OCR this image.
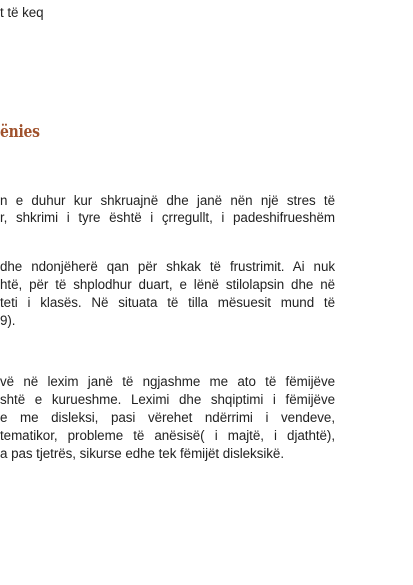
t të keq
ënies
n e duhur kur shkruajnë dhe janë nën një stres të
r, shkrimi i tyre është i çrregullt, i padeshifrueshëm
dhe ndonjëherë qan për shkak të frustrimit. Ai nuk
htë, për të shplodhur duart, e lënë stilolapsin dhe në
teti i klasës. Në situata të tilla mësuesit mund të
9).
vë në lexim janë të ngjashme me ato të fëmijëve
shtë e kurueshme. Leximi dhe shqiptimi i fëmijëve
e me disleksi, pasi vërehet ndërrimi i vendeve,
tematikor, probleme të anësisë( i majtë, i djathtë),
a pas tjetrës, sikurse edhe tek fëmijët disleksikë.
